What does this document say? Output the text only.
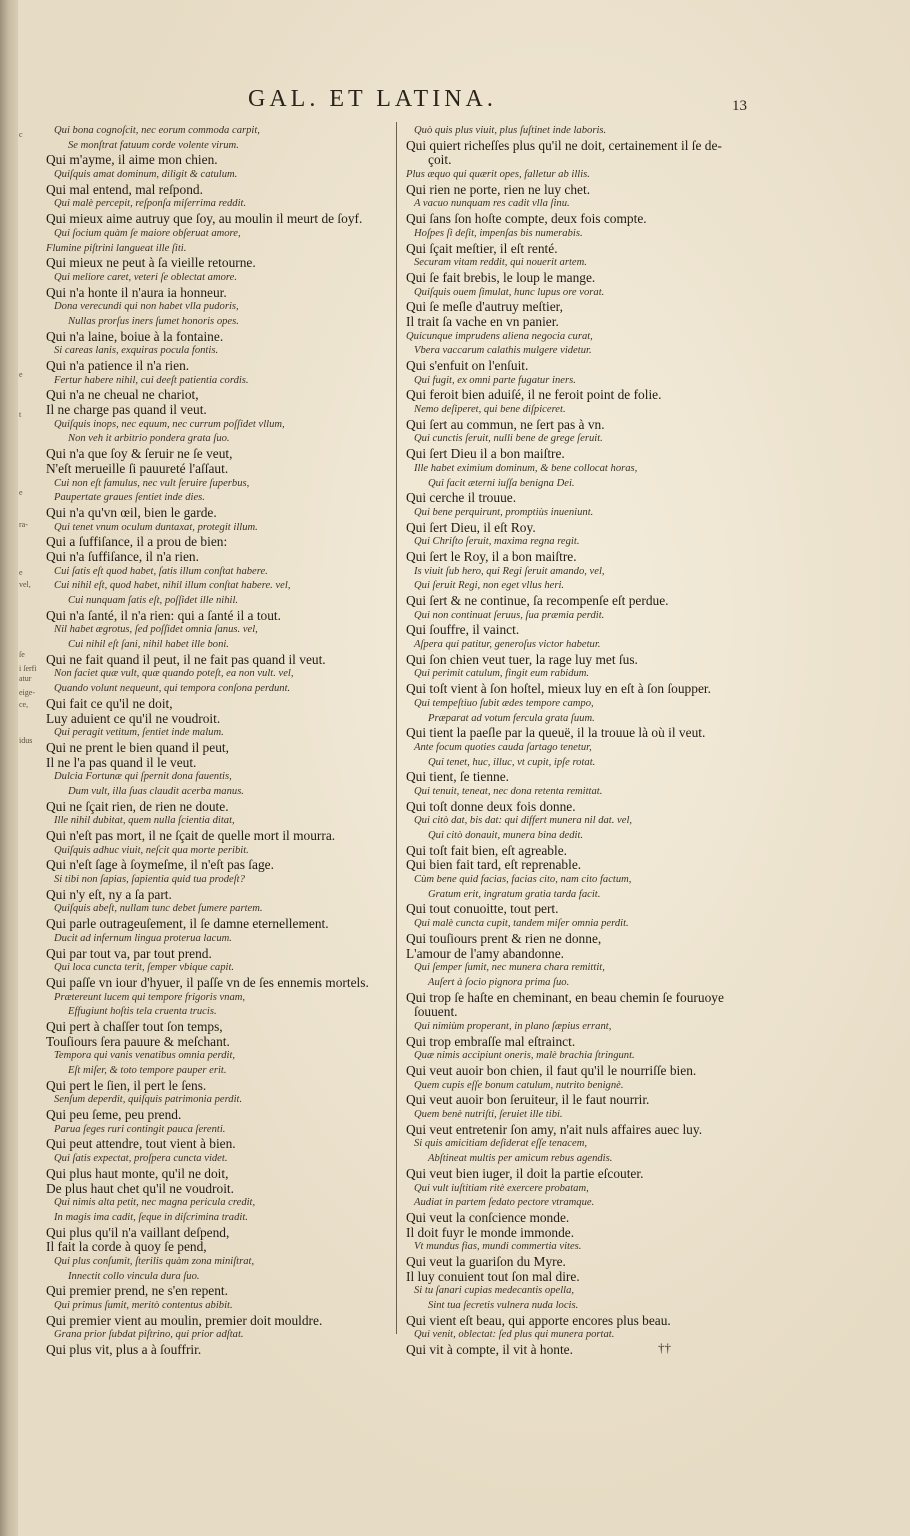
c
e
t
e
ra-
e
vel,
ſe
i ſerfi
atur
eige-
ce,
idus
GAL. ET LATINA.	13
Qui bona cognoſcit, nec eorum commoda carpit,
Se monſtrat fatuum corde volente virum.
Qui m'ayme, il aime mon chien.
Quiſquis amat dominum, diligit & catulum.
Qui mal entend, mal reſpond.
Qui malè percepit, reſponſa miſerrima reddit.
Qui mieux aime autruy que ſoy, au moulin il meurt de ſoyf.
Qui ſocium quàm ſe maiore obſeruat amore,
Flumine piſtrini langueat ille ſiti.
Qui mieux ne peut à ſa vieille retourne.
Qui meliore caret, veteri ſe oblectat amore.
Qui n'a honte il n'aura ia honneur.
Dona verecundi qui non habet vlla pudoris,
Nullas prorſus iners ſumet honoris opes.
Qui n'a laine, boiue à la fontaine.
Si careas lanis, exquiras pocula fontis.
Qui n'a patience il n'a rien.
Fertur habere nihil, cui deeſt patientia cordis.
Qui n'a ne cheual ne chariot,
Il ne charge pas quand il veut.
Quiſquis inops, nec equum, nec currum poſſidet vllum,
Non veh it arbitrio pondera grata ſuo.
Qui n'a que ſoy & ſeruir ne ſe veut,
N'eſt merueille ſi pauureté l'aſſaut.
Cui non eſt famulus, nec vult ſeruire ſuperbus,
Paupertate graues ſentiet inde dies.
Qui n'a qu'vn œil, bien le garde.
Qui tenet vnum oculum duntaxat, protegit illum.
Qui a ſuffiſance, il a prou de bien:
Qui n'a ſuffiſance, il n'a rien.
Cui ſatis eſt quod habet, ſatis illum conſtat habere.
Cui nihil eſt, quod habet, nihil illum conſtat habere. vel,
Cui nunquam ſatis eſt, poſſidet ille nihil.
Qui n'a ſanté, il n'a rien: qui a ſanté il a tout.
Nil habet ægrotus, ſed poſſidet omnia ſanus. vel,
Cui nihil eſt ſani, nihil habet ille boni.
Qui ne fait quand il peut, il ne fait pas quand il veut.
Non faciet quæ vult, quæ quando poteſt, ea non vult. vel,
Quando volunt nequeunt, qui tempora conſona perdunt.
Qui fait ce qu'il ne doit,
Luy aduient ce qu'il ne voudroit.
Qui peragit vetitum, ſentiet inde malum.
Qui ne prent le bien quand il peut,
Il ne l'a pas quand il le veut.
Dulcia Fortunæ qui ſpernit dona fauentis,
Dum vult, illa ſuas claudit acerba manus.
Qui ne ſçait rien, de rien ne doute.
Ille nihil dubitat, quem nulla ſcientia ditat,
Qui n'eſt pas mort, il ne ſçait de quelle mort il mourra.
Quiſquis adhuc viuit, neſcit qua morte peribit.
Qui n'eſt ſage à ſoymeſme, il n'eſt pas ſage.
Si tibi non ſapias, ſapientia quid tua prodeſt?
Qui n'y eſt, ny a ſa part.
Quiſquis abeſt, nullam tunc debet ſumere partem.
Qui parle outrageuſement, il ſe damne eternellement.
Ducit ad infernum lingua proterua lacum.
Qui par tout va, par tout prend.
Qui loca cuncta terit, ſemper vbique capit.
Qui paſſe vn iour d'hyuer, il paſſe vn de ſes ennemis mortels.
Prætereunt lucem qui tempore frigoris vnam,
Effugiunt hoſtis tela cruenta trucis.
Qui pert à chaſſer tout ſon temps,
Touſiours ſera pauure & meſchant.
Tempora qui vanis venatibus omnia perdit,
Eſt miſer, & toto tempore pauper erit.
Qui pert le ſien, il pert le ſens.
Senſum deperdit, quiſquis patrimonia perdit.
Qui peu ſeme, peu prend.
Parua ſeges ruri contingit pauca ſerenti.
Qui peut attendre, tout vient à bien.
Qui ſatis expectat, proſpera cuncta videt.
Qui plus haut monte, qu'il ne doit,
De plus haut chet qu'il ne voudroit.
Qui nimis alta petit, nec magna pericula credit,
In magis ima cadit, ſeque in diſcrimina tradit.
Qui plus qu'il n'a vaillant deſpend,
Il fait la corde à quoy ſe pend,
Qui plus conſumit, ſterilis quàm zona miniſtrat,
Innectit collo vincula dura ſuo.
Qui premier prend, ne s'en repent.
Qui primus ſumit, meritò contentus abibit.
Qui premier vient au moulin, premier doit mouldre.
Grana prior ſubdat piſtrino, qui prior adſtat.
Qui plus vit, plus a à ſouffrir.
Quò quis plus viuit, plus ſuſtinet inde laboris.
Qui quiert richeſſes plus qu'il ne doit, certainement il ſe de-
çoit.
Plus æquo qui quærit opes, falletur ab illis.
Qui rien ne porte, rien ne luy chet.
A vacuo nunquam res cadit vlla ſinu.
Qui ſans ſon hoſte compte, deux fois compte.
Hoſpes ſi deſit, impenſas bis numerabis.
Qui ſçait meſtier, il eſt renté.
Securam vitam reddit, qui nouerit artem.
Qui ſe fait brebis, le loup le mange.
Quiſquis ouem ſimulat, hunc lupus ore vorat.
Qui ſe meſle d'autruy meſtier,
Il trait ſa vache en vn panier.
Quicunque imprudens aliena negocia curat,
Vbera vaccarum calathis mulgere videtur.
Qui s'enfuit on l'enſuit.
Qui fugit, ex omni parte fugatur iners.
Qui feroit bien aduiſé, il ne feroit point de folie.
Nemo deſiperet, qui bene diſpiceret.
Qui ſert au commun, ne ſert pas à vn.
Qui cunctis ſeruit, nulli bene de grege ſeruit.
Qui ſert Dieu il a bon maiſtre.
Ille habet eximium dominum, & bene collocat horas,
Qui facit æterni iuſſa benigna Dei.
Qui cerche il trouue.
Qui bene perquirunt, promptiùs inueniunt.
Qui ſert Dieu, il eſt Roy.
Qui Chriſto ſeruit, maxima regna regit.
Qui ſert le Roy, il a bon maiſtre.
Is viuit ſub hero, qui Regi ſeruit amando, vel,
Qui ſeruit Regi, non eget vllus heri.
Qui ſert & ne continue, ſa recompenſe eſt perdue.
Qui non continuat ſeruus, ſua præmia perdit.
Qui ſouffre, il vainct.
Aſpera qui patitur, generoſus victor habetur.
Qui ſon chien veut tuer, la rage luy met ſus.
Qui perimit catulum, fingit eum rabidum.
Qui toſt vient à ſon hoſtel, mieux luy en eſt à ſon ſoupper.
Qui tempeſtiuo ſubit ædes tempore campo,
Præparat ad votum fercula grata ſuum.
Qui tient la paeſle par la queuë, il la trouue là où il veut.
Ante focum quoties cauda ſartago tenetur,
Qui tenet, huc, illuc, vt cupit, ipſe rotat.
Qui tient, ſe tienne.
Qui tenuit, teneat, nec dona retenta remittat.
Qui toſt donne deux fois donne.
Qui citò dat, bis dat: qui differt munera nil dat. vel,
Qui citò donauit, munera bina dedit.
Qui toſt fait bien, eſt agreable.
Qui bien fait tard, eſt reprenable.
Cùm bene quid facias, facias cito, nam cito factum,
Gratum erit, ingratum gratia tarda facit.
Qui tout conuoitte, tout pert.
Qui malè cuncta cupit, tandem miſer omnia perdit.
Qui touſiours prent & rien ne donne,
L'amour de l'amy abandonne.
Qui ſemper ſumit, nec munera chara remittit,
Auſert à ſocio pignora prima ſuo.
Qui trop ſe haſte en cheminant, en beau chemin ſe fouruoye
ſouuent.
Qui nimiùm properant, in plano ſæpius errant,
Qui trop embraſſe mal eſtrainct.
Quæ nimis accipiunt oneris, malè brachia ſtringunt.
Qui veut auoir bon chien, il faut qu'il le nourriſſe bien.
Quem cupis eſſe bonum catulum, nutrito benignè.
Qui veut auoir bon ſeruiteur, il le faut nourrir.
Quem benè nutriſti, ſeruiet ille tibi.
Qui veut entretenir ſon amy, n'ait nuls affaires auec luy.
Si quis amicitiam deſiderat eſſe tenacem,
Abſtineat multis per amicum rebus agendis.
Qui veut bien iuger, il doit la partie eſcouter.
Qui vult iuſtitiam ritè exercere probatam,
Audiat in partem ſedato pectore vtramque.
Qui veut la conſcience monde.
Il doit fuyr le monde immonde.
Vt mundus fias, mundi commertia vites.
Qui veut la guariſon du Myre.
Il luy conuient tout ſon mal dire.
Si tu ſanari cupias medecantis opella,
Sint tua ſecretis vulnera nuda locis.
Qui vient eſt beau, qui apporte encores plus beau.
Qui venit, oblectat: ſed plus qui munera portat.
Qui vit à compte, il vit à honte.	††
